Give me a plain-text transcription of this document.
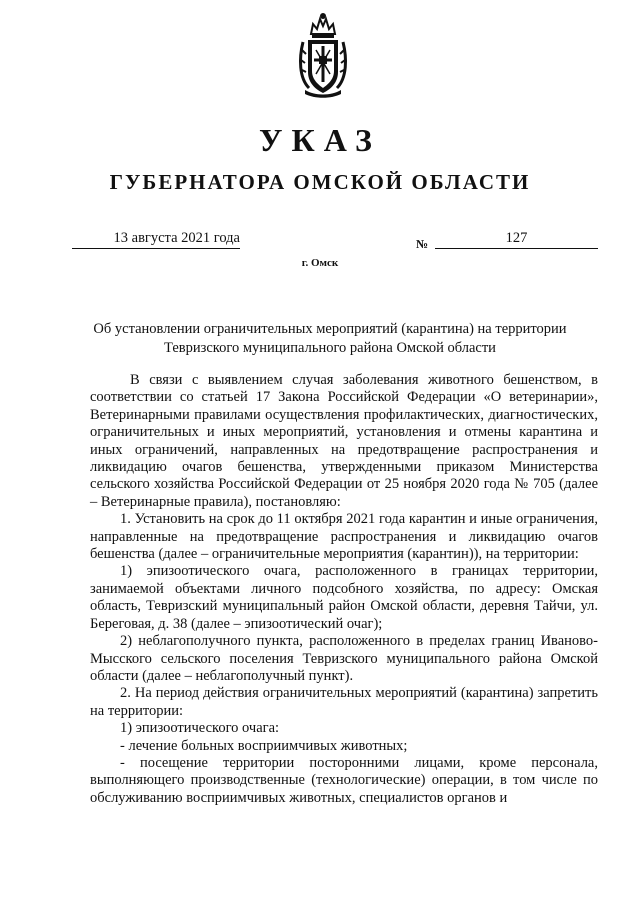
УКАЗ
ГУБЕРНАТОРА ОМСКОЙ ОБЛАСТИ
13 августа 2021 года	№	127
г. Омск
Об установлении ограничительных мероприятий (карантина) на территории Тевризского муниципального района Омской области

В связи с выявлением случая заболевания животного бешенством, в соответствии со статьей 17 Закона Российской Федерации «О ветеринарии», Ветеринарными правилами осуществления профилактических, диагностических, ограничительных и иных мероприятий, установления и отмены карантина и иных ограничений, направленных на предотвращение распространения и ликвидацию очагов бешенства, утвержденными приказом Министерства сельского хозяйства Российской Федерации от 25 ноября 2020 года № 705 (далее – Ветеринарные правила), постановляю:

1. Установить на срок до 11 октября 2021 года карантин и иные ограничения, направленные на предотвращение распространения и ликвидацию очагов бешенства (далее – ограничительные мероприятия (карантин)), на территории:

1) эпизоотического очага, расположенного в границах территории, занимаемой объектами личного подсобного хозяйства, по адресу: Омская область, Тевризский муниципальный район Омской области, деревня Тайчи, ул. Береговая, д. 38 (далее – эпизоотический очаг);

2) неблагополучного пункта, расположенного в пределах границ Иваново-Мысского сельского поселения Тевризского муниципального района Омской области (далее – неблагополучный пункт).

2. На период действия ограничительных мероприятий (карантина) запретить на территории:

1) эпизоотического очага:

- лечение больных восприимчивых животных;

- посещение территории посторонними лицами, кроме персонала, выполняющего производственные (технологические) операции, в том числе по обслуживанию восприимчивых животных, специалистов органов и
